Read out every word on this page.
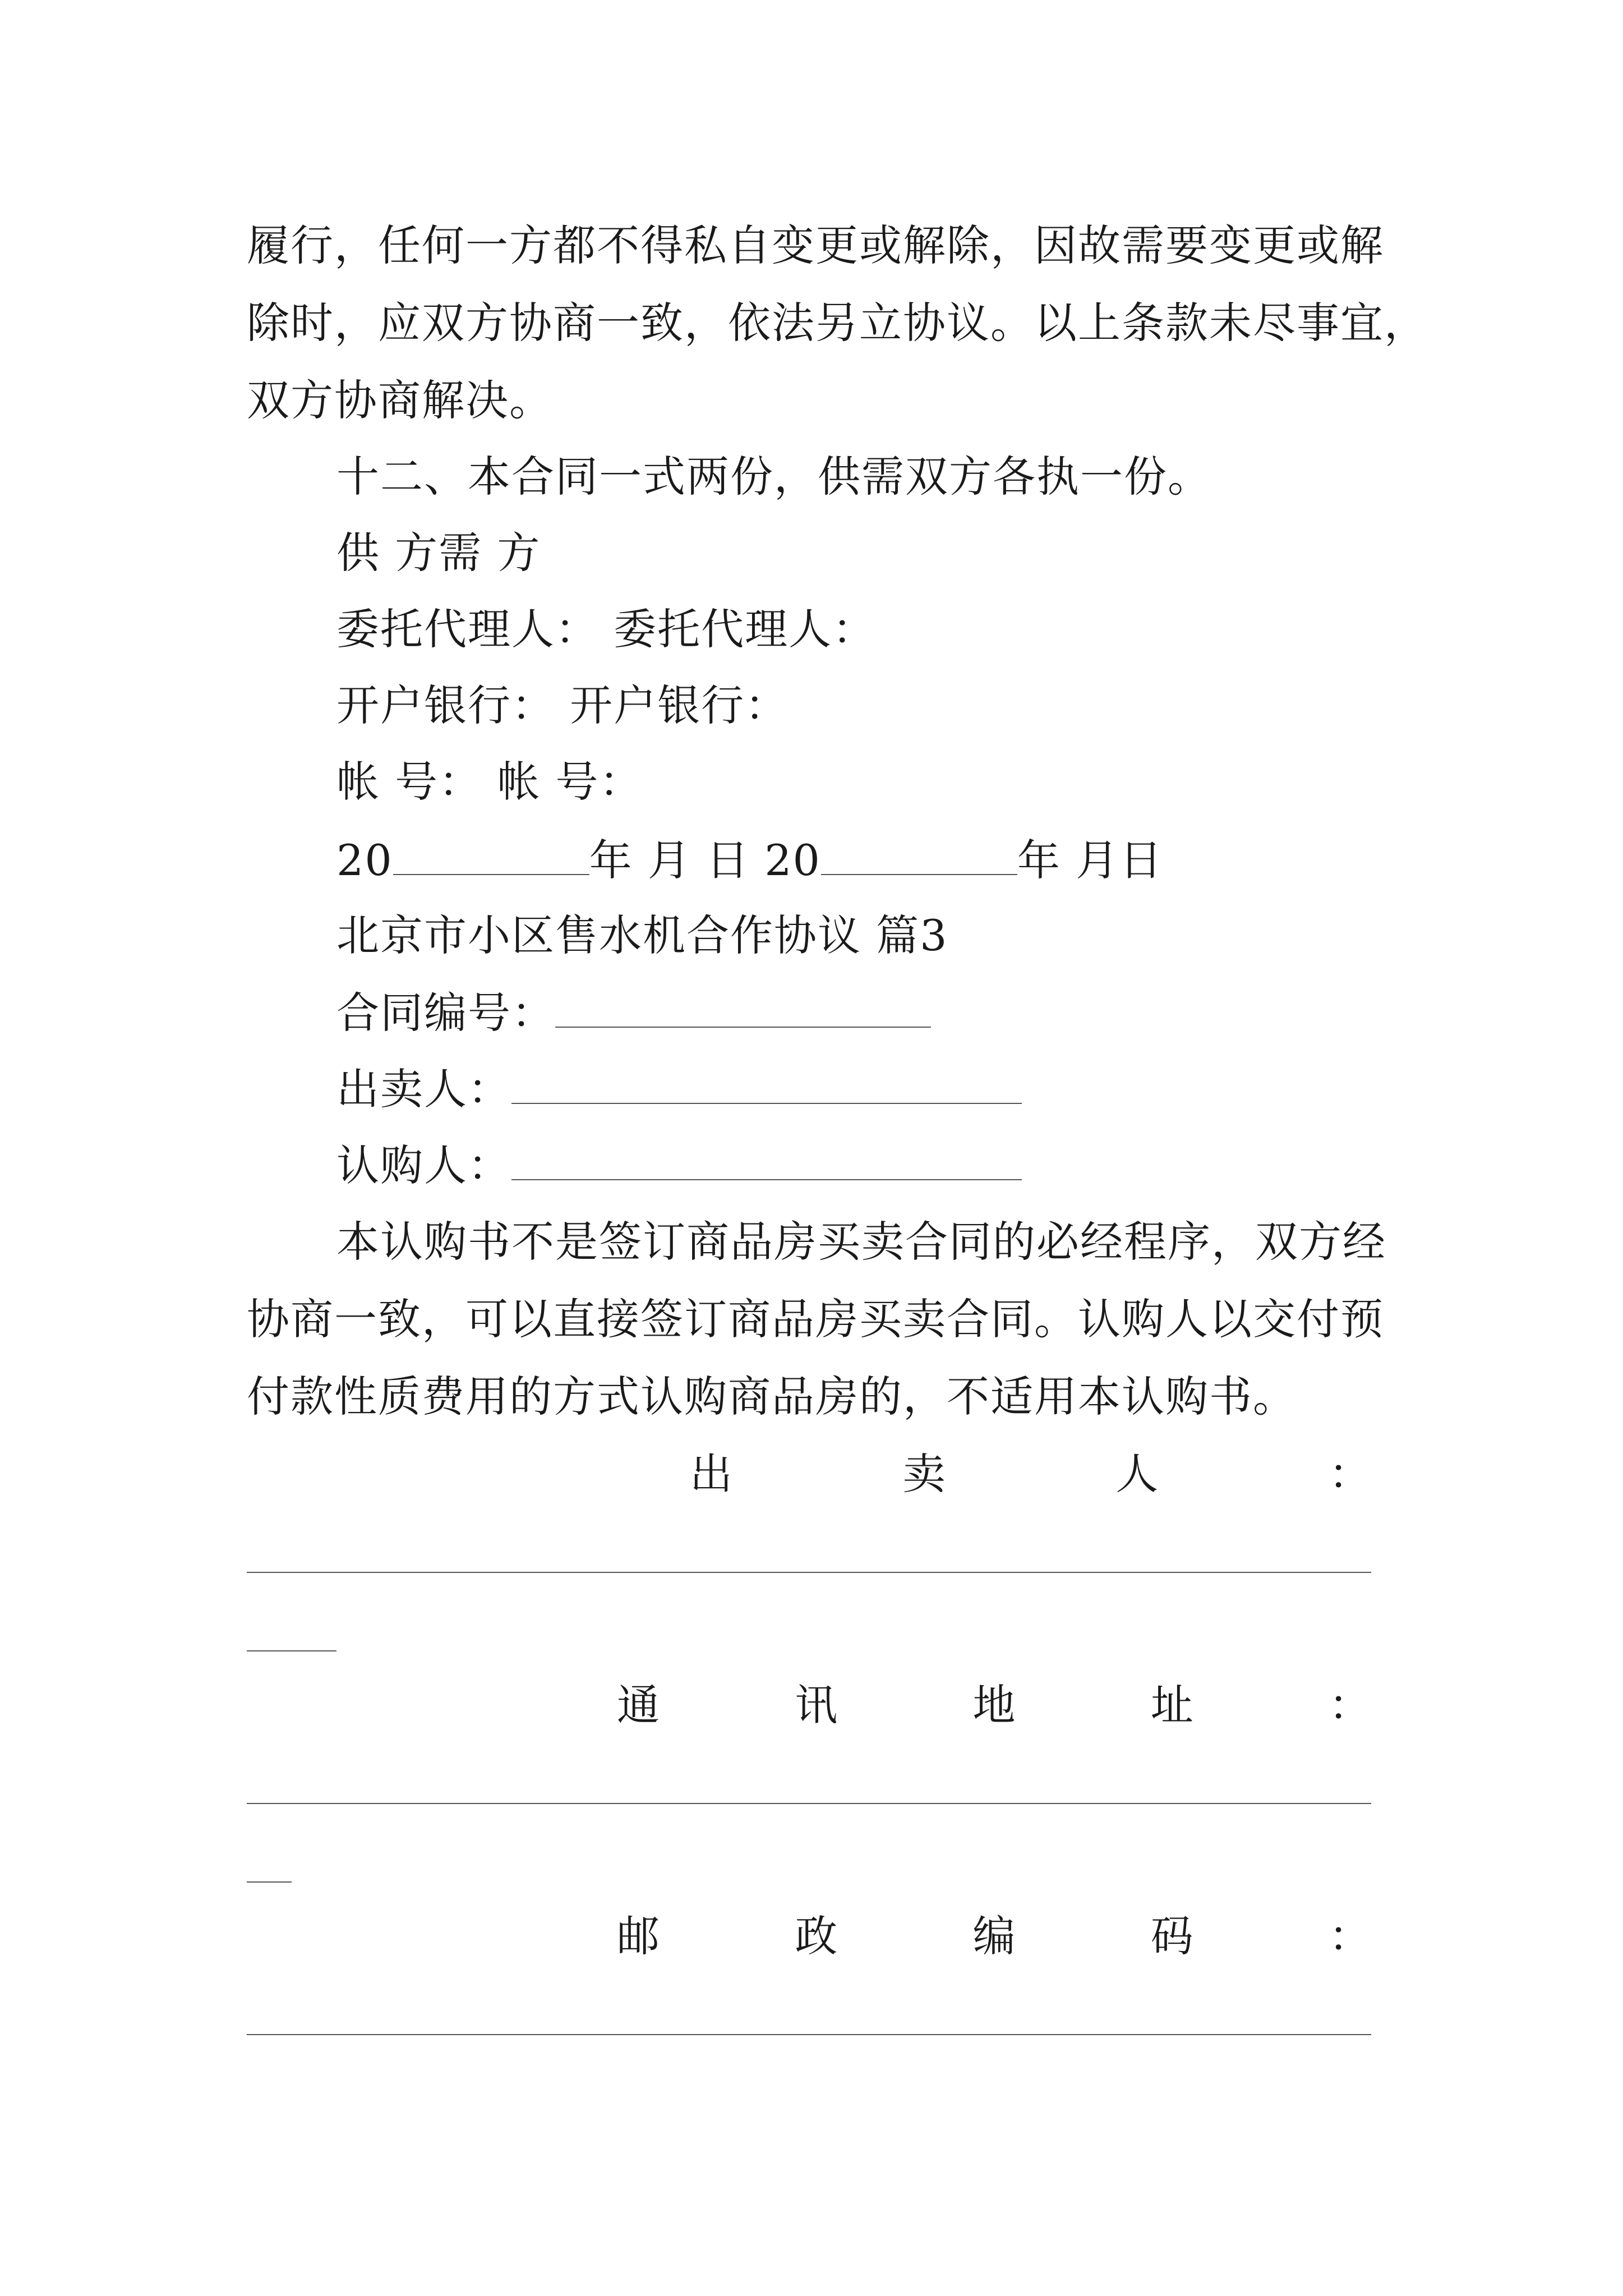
履行，任何一方都不得私自变更或解除，因故需要变更或解
除时，应双方协商一致，依法另立协议。以上条款未尽事宜，
双方协商解决。
十二、本合同一式两份，供需双方各执一份。
供 方需 方
委托代理人： 委托代理人：
开户银行： 开户银行：
帐 号： 帐 号：
20	年 月 日 20	年 月日
北京市小区售水机合作协议 篇3
合同编号：
出卖人：
认购人：
本认购书不是签订商品房买卖合同的必经程序，双方经
协商一致，可以直接签订商品房买卖合同。认购人以交付预
付款性质费用的方式认购商品房的，不适用本认购书。
出	卖	人	：
通	讯	地	址	：
邮	政	编	码	：
